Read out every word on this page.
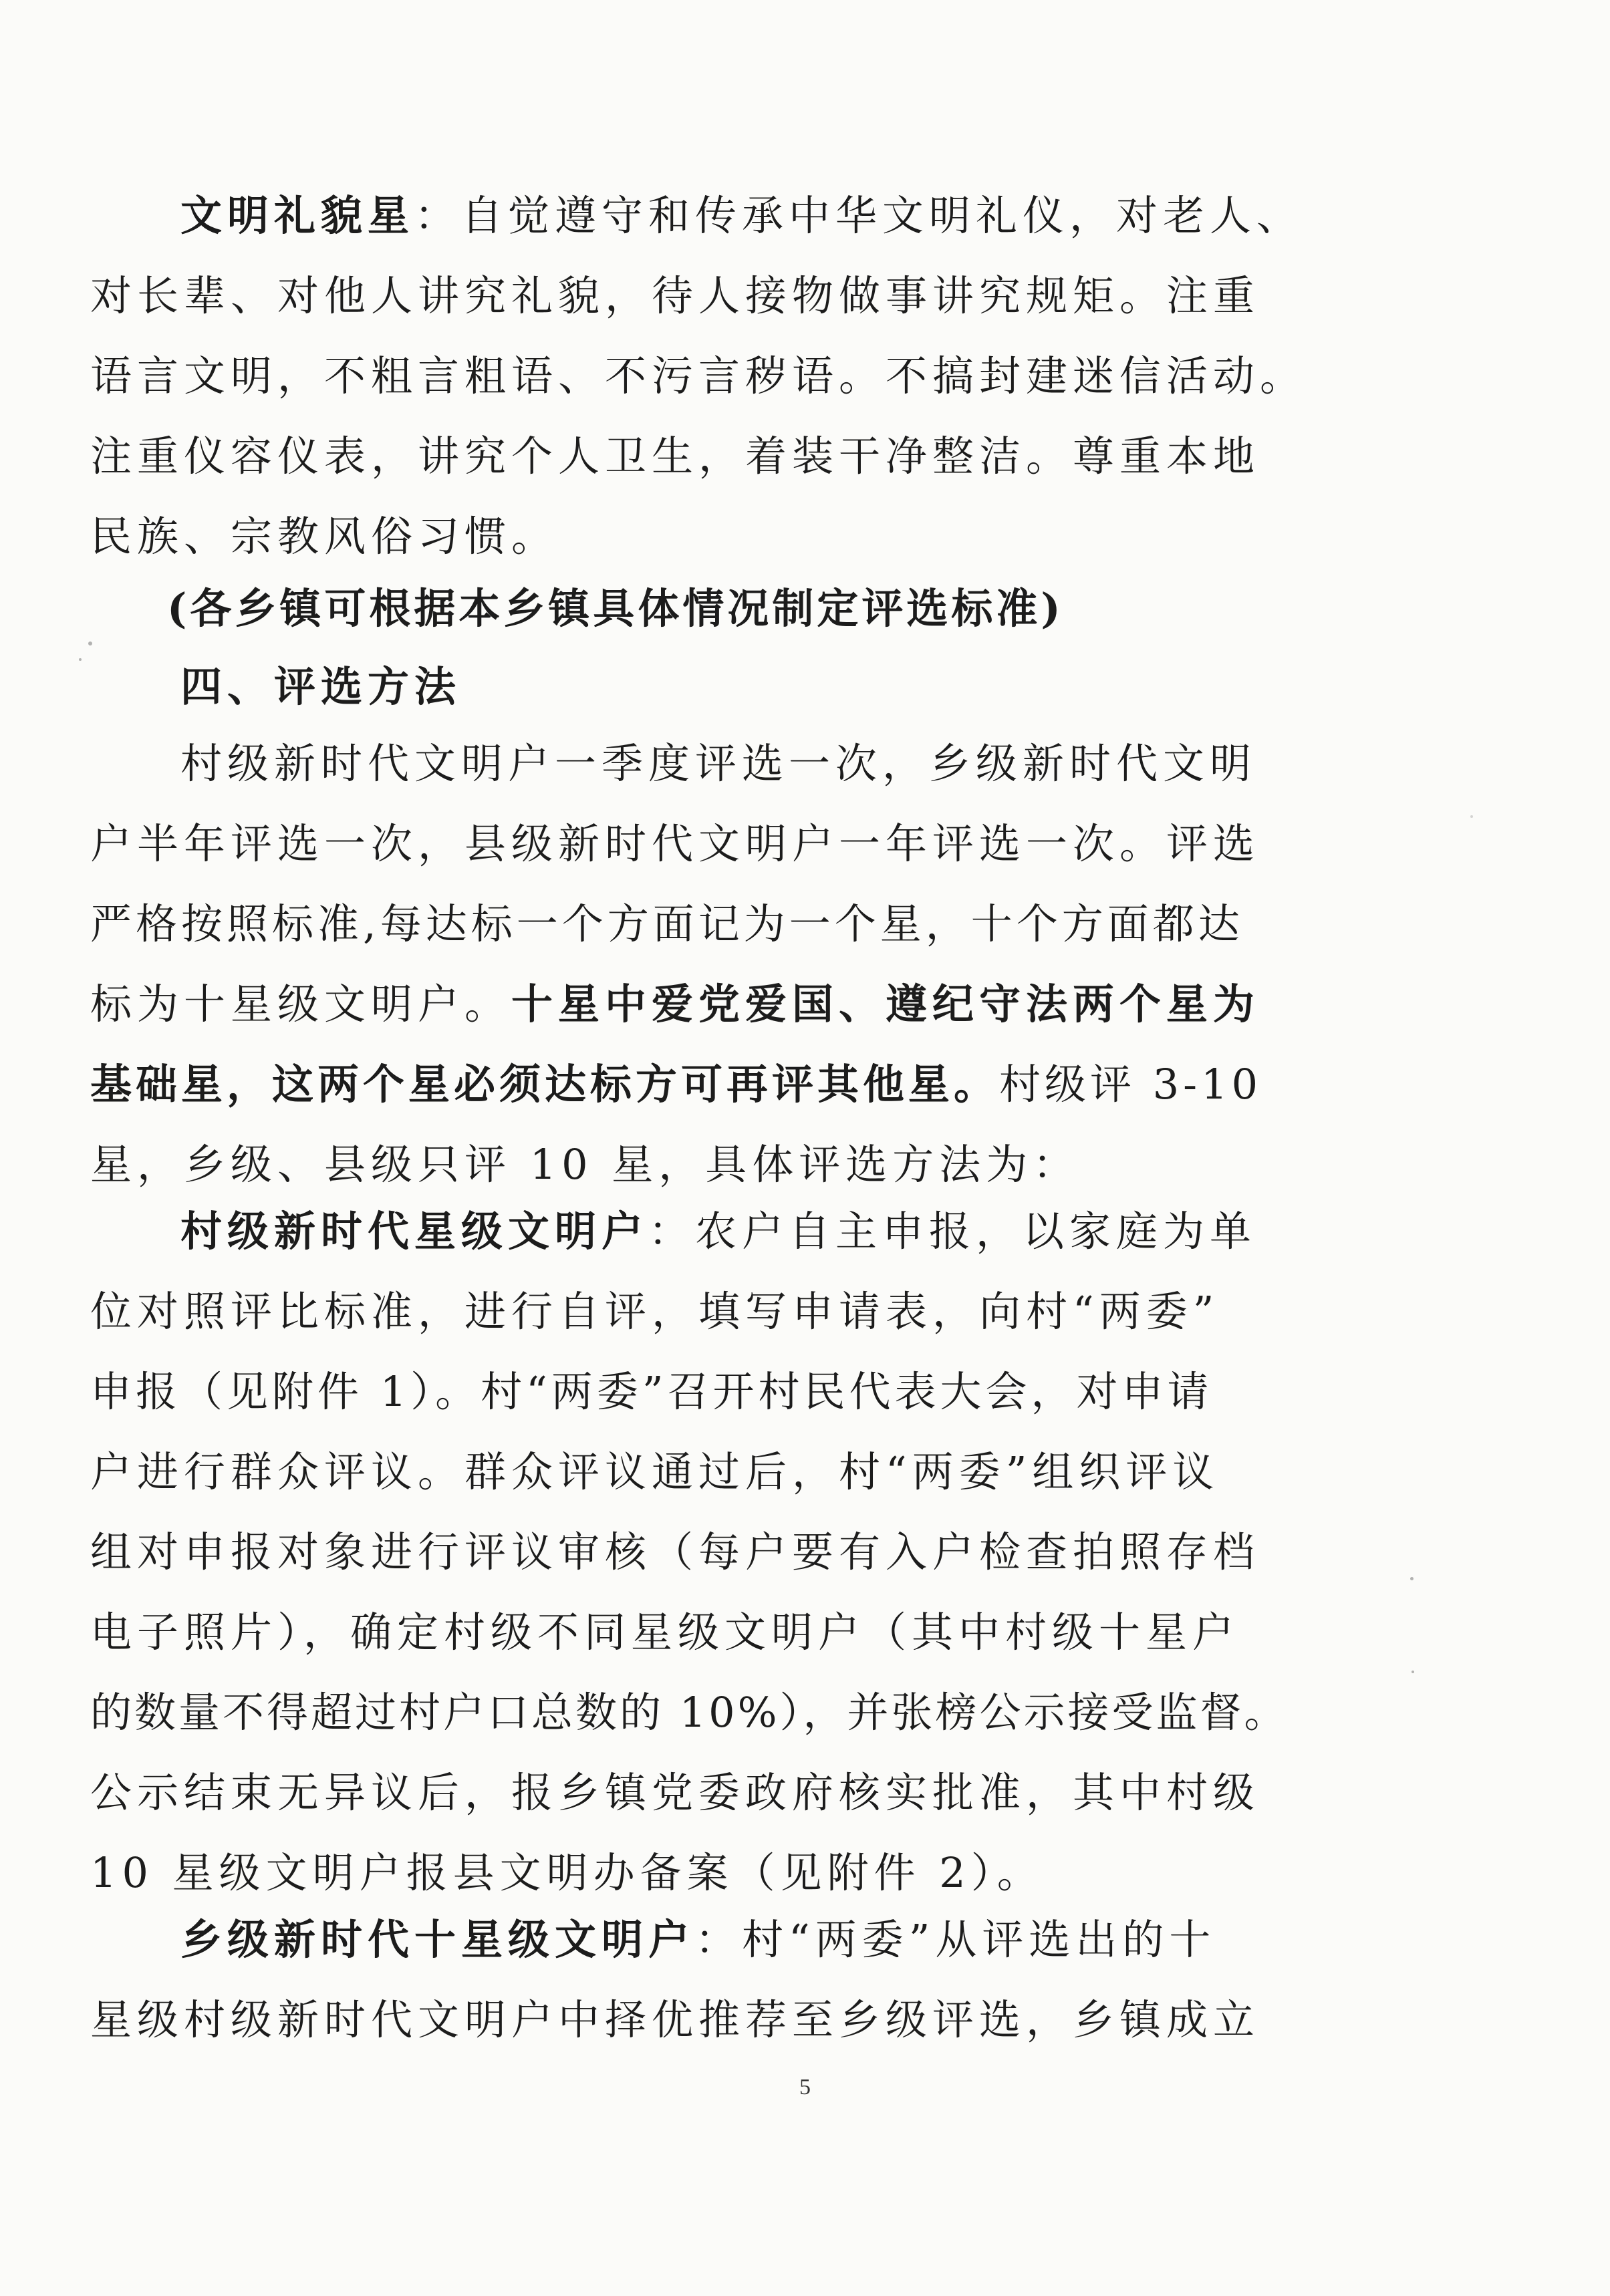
文明礼貌星：自觉遵守和传承中华文明礼仪，对老人、
对长辈、对他人讲究礼貌，待人接物做事讲究规矩。注重
语言文明，不粗言粗语、不污言秽语。不搞封建迷信活动。
注重仪容仪表，讲究个人卫生，着装干净整洁。尊重本地
民族、宗教风俗习惯。
(各乡镇可根据本乡镇具体情况制定评选标准)
四、评选方法
村级新时代文明户一季度评选一次，乡级新时代文明
户半年评选一次，县级新时代文明户一年评选一次。评选
严格按照标准,每达标一个方面记为一个星，十个方面都达
标为十星级文明户。十星中爱党爱国、遵纪守法两个星为
基础星，这两个星必须达标方可再评其他星。村级评 3-10
星，乡级、县级只评 10 星，具体评选方法为：
村级新时代星级文明户：农户自主申报，以家庭为单
位对照评比标准，进行自评，填写申请表，向村“两委”
申报（见附件 1）。村“两委”召开村民代表大会，对申请
户进行群众评议。群众评议通过后，村“两委”组织评议
组对申报对象进行评议审核（每户要有入户检查拍照存档
电子照片），确定村级不同星级文明户（其中村级十星户
的数量不得超过村户口总数的 10%），并张榜公示接受监督。
公示结束无异议后，报乡镇党委政府核实批准，其中村级
10 星级文明户报县文明办备案（见附件 2）。
乡级新时代十星级文明户：村“两委”从评选出的十
星级村级新时代文明户中择优推荐至乡级评选，乡镇成立
5
